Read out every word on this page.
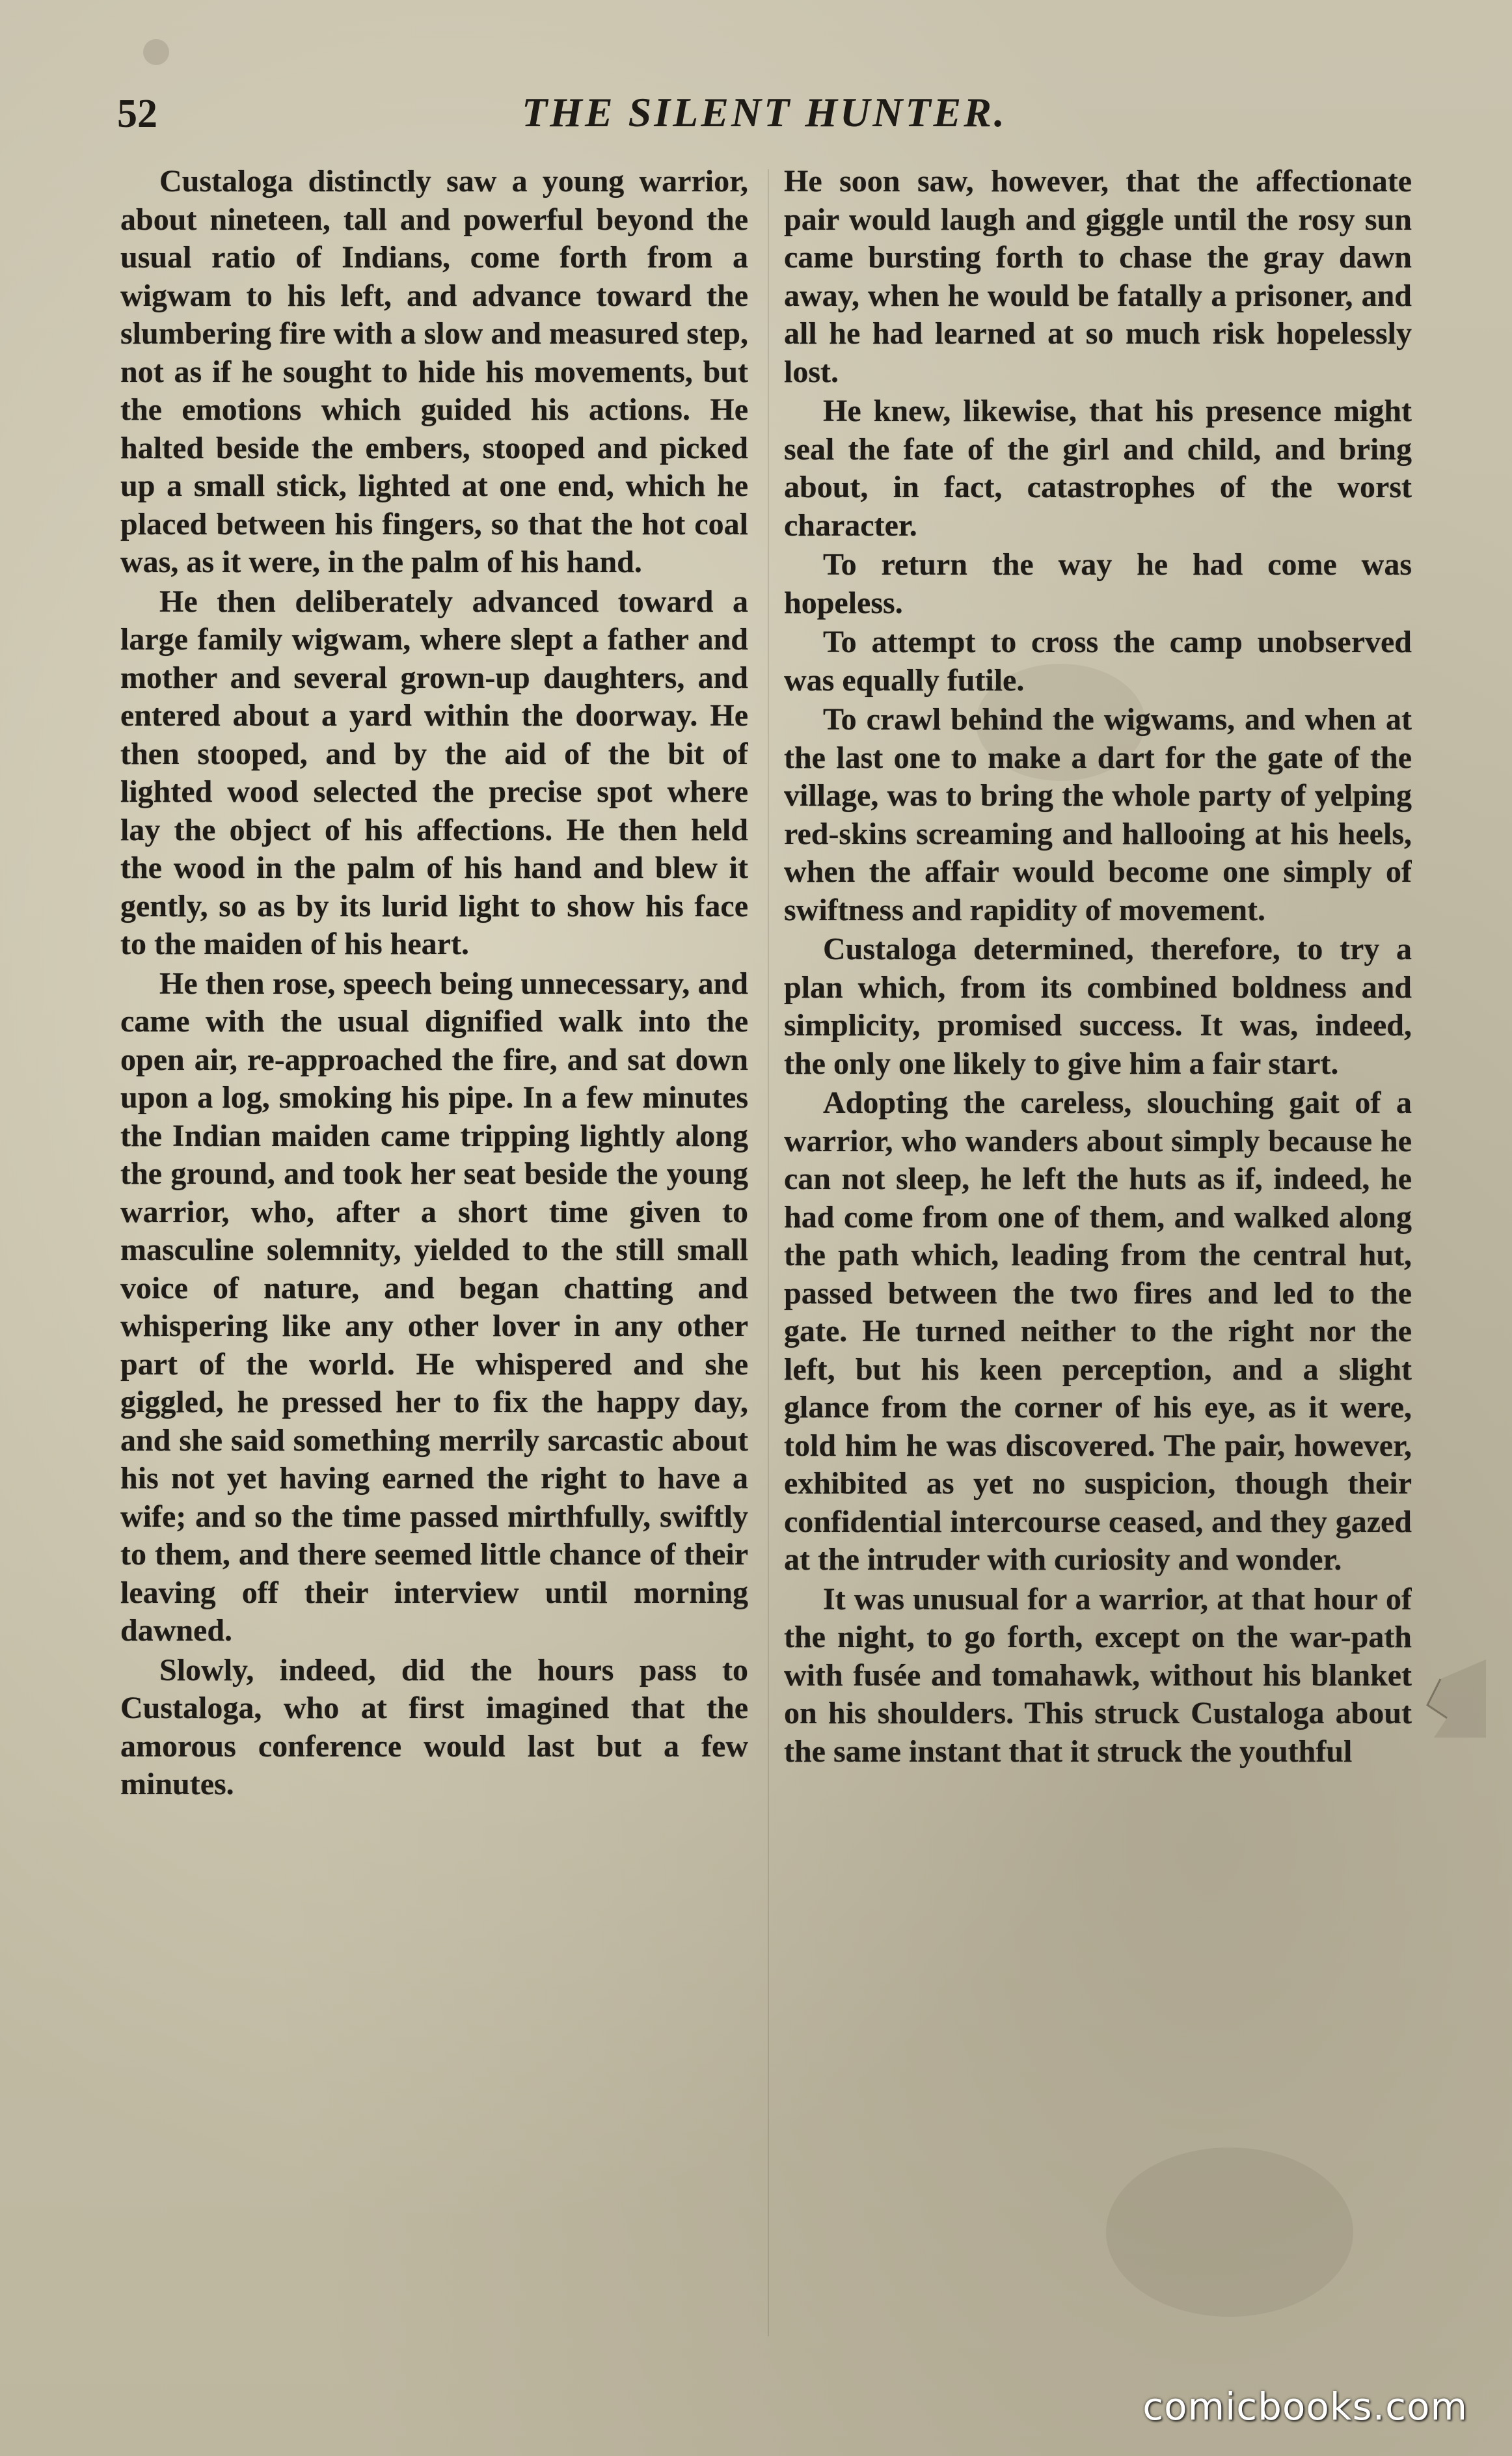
52	THE SILENT HUNTER.

Custaloga distinctly saw a young warrior, about nineteen, tall and powerful beyond the usual ratio of Indians, come forth from a wigwam to his left, and advance toward the slumbering fire with a slow and measured step, not as if he sought to hide his movements, but the emotions which guided his actions. He halted beside the embers, stooped and picked up a small stick, lighted at one end, which he placed between his fingers, so that the hot coal was, as it were, in the palm of his hand.

He then deliberately advanced toward a large family wigwam, where slept a father and mother and several grown-up daughters, and entered about a yard within the doorway. He then stooped, and by the aid of the bit of lighted wood selected the precise spot where lay the object of his affections. He then held the wood in the palm of his hand and blew it gently, so as by its lurid light to show his face to the maiden of his heart.

He then rose, speech being unnecessary, and came with the usual dignified walk into the open air, re-approached the fire, and sat down upon a log, smoking his pipe. In a few minutes the Indian maiden came tripping lightly along the ground, and took her seat beside the young warrior, who, after a short time given to masculine solemnity, yielded to the still small voice of nature, and began chatting and whispering like any other lover in any other part of the world. He whispered and she giggled, he pressed her to fix the happy day, and she said something merrily sarcastic about his not yet having earned the right to have a wife; and so the time passed mirthfully, swiftly to them, and there seemed little chance of their leaving off their interview until morning dawned.

Slowly, indeed, did the hours pass to Custaloga, who at first imagined that the amorous conference would last but a few minutes.

He soon saw, however, that the affectionate pair would laugh and giggle until the rosy sun came bursting forth to chase the gray dawn away, when he would be fatally a prisoner, and all he had learned at so much risk hopelessly lost.

He knew, likewise, that his presence might seal the fate of the girl and child, and bring about, in fact, catastrophes of the worst character.

To return the way he had come was hopeless.

To attempt to cross the camp unobserved was equally futile.

To crawl behind the wigwams, and when at the last one to make a dart for the gate of the village, was to bring the whole party of yelping red-skins screaming and hallooing at his heels, when the affair would become one simply of swiftness and rapidity of movement.

Custaloga determined, therefore, to try a plan which, from its combined boldness and simplicity, promised success. It was, indeed, the only one likely to give him a fair start.

Adopting the careless, slouching gait of a warrior, who wanders about simply because he can not sleep, he left the huts as if, indeed, he had come from one of them, and walked along the path which, leading from the central hut, passed between the two fires and led to the gate. He turned neither to the right nor the left, but his keen perception, and a slight glance from the corner of his eye, as it were, told him he was discovered. The pair, however, exhibited as yet no suspicion, though their confidential intercourse ceased, and they gazed at the intruder with curiosity and wonder.

It was unusual for a warrior, at that hour of the night, to go forth, except on the war-path with fusée and tomahawk, without his blanket on his shoulders. This struck Custaloga about the same instant that it struck the youthful

comicbooks.com
